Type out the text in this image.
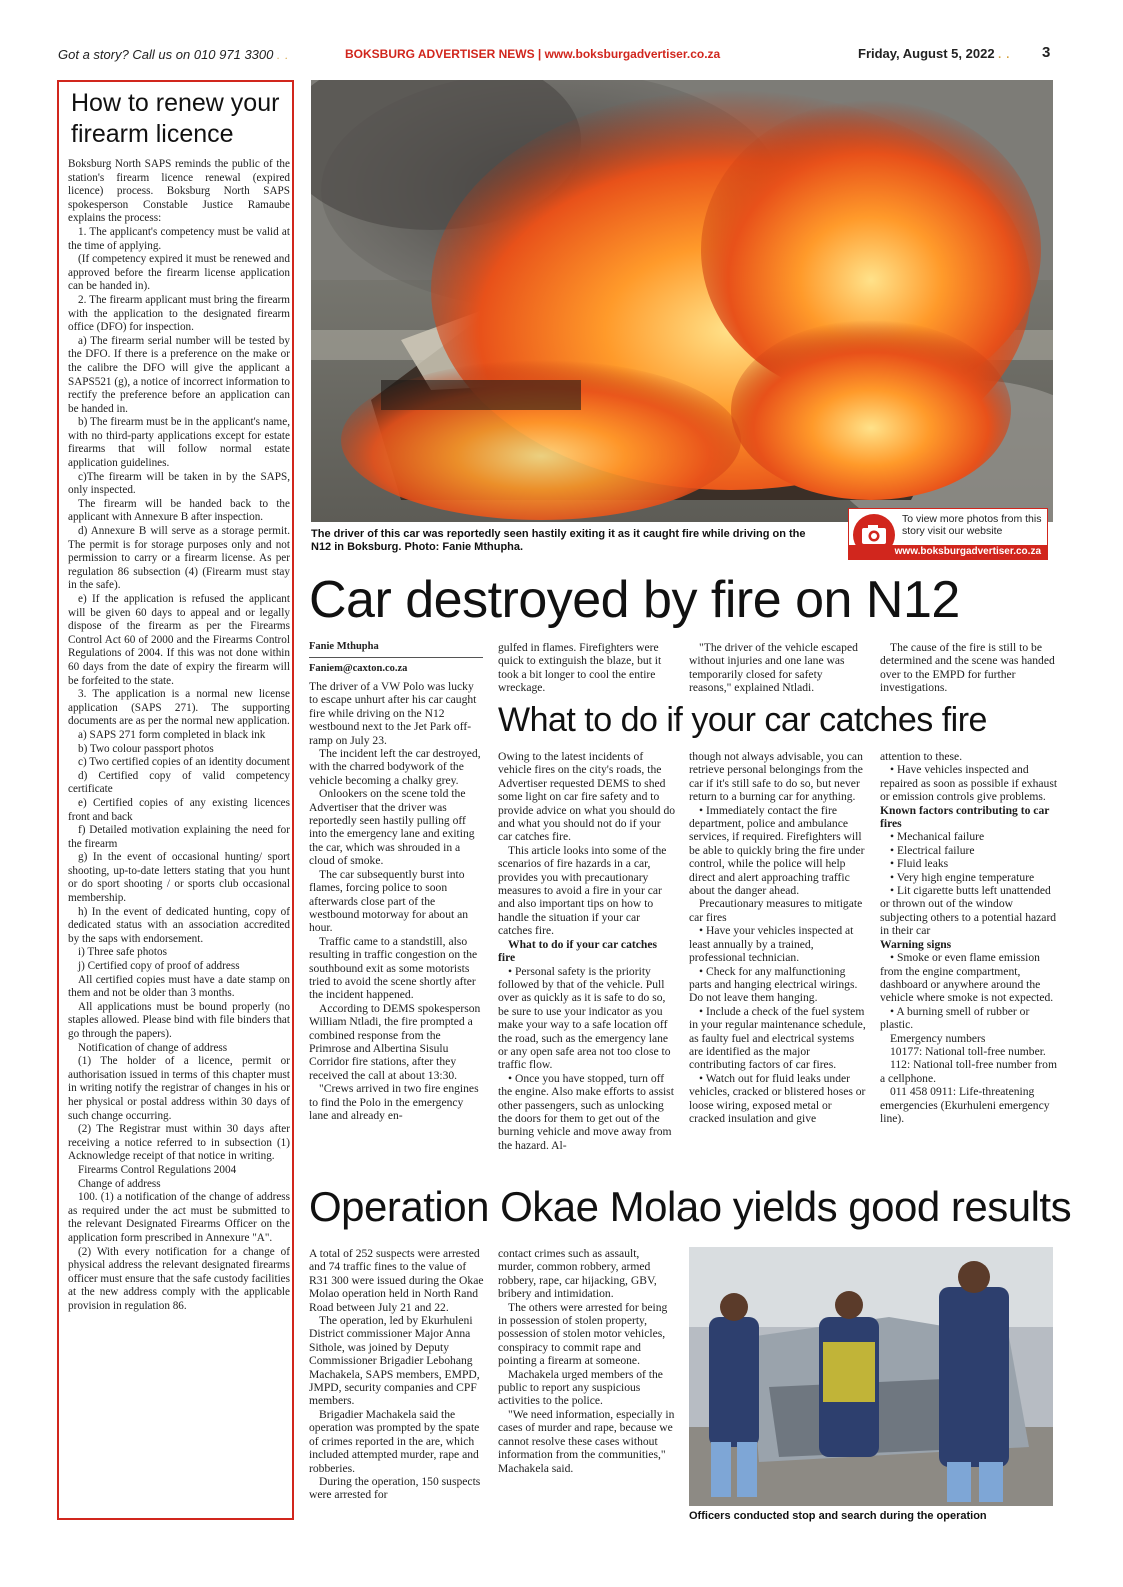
Got a story? Call us on 010 971 3300 . .	BOKSBURG ADVERTISER NEWS | www.boksburgadvertiser.co.za	Friday, August 5, 2022 . . 3
How to renew your firearm licence

Boksburg North SAPS reminds the public of the station's firearm licence renewal (expired licence) process. Boksburg North SAPS spokesperson Constable Justice Ramaube explains the process:

1. The applicant's competency must be valid at the time of applying.

(If competency expired it must be renewed and approved before the firearm license application can be handed in).

2. The firearm applicant must bring the firearm with the application to the designated firearm office (DFO) for inspection.

a) The firearm serial number will be tested by the DFO. If there is a preference on the make or the calibre the DFO will give the applicant a SAPS521 (g), a notice of incorrect information to rectify the preference before an application can be handed in.

b) The firearm must be in the applicant's name, with no third-party applications except for estate firearms that will follow normal estate application guidelines.

c)The firearm will be taken in by the SAPS, only inspected.

The firearm will be handed back to the applicant with Annexure B after inspection.

d) Annexure B will serve as a storage permit. The permit is for storage purposes only and not permission to carry or a firearm license. As per regulation 86 subsection (4) (Firearm must stay in the safe).

e) If the application is refused the applicant will be given 60 days to appeal and or legally dispose of the firearm as per the Firearms Control Act 60 of 2000 and the Firearms Control Regulations of 2004. If this was not done within 60 days from the date of expiry the firearm will be forfeited to the state.

3. The application is a normal new license application (SAPS 271). The supporting documents are as per the normal new application.

a) SAPS 271 form completed in black ink

b) Two colour passport photos

c) Two certified copies of an identity document

d) Certified copy of valid competency certificate

e) Certified copies of any existing licences front and back

f) Detailed motivation explaining the need for the firearm

g) In the event of occasional hunting/ sport shooting, up-to-date letters stating that you hunt or do sport shooting / or sports club occasional membership.

h) In the event of dedicated hunting, copy of dedicated status with an association accredited by the saps with endorsement.

i) Three safe photos

j) Certified copy of proof of address

All certified copies must have a date stamp on them and not be older than 3 months.

All applications must be bound properly (no staples allowed. Please bind with file binders that go through the papers).

Notification of change of address

(1) The holder of a licence, permit or authorisation issued in terms of this chapter must in writing notify the registrar of changes in his or her physical or postal address within 30 days of such change occurring.

(2) The Registrar must within 30 days after receiving a notice referred to in subsection (1) Acknowledge receipt of that notice in writing.

Firearms Control Regulations 2004

Change of address

100. (1) a notification of the change of address as required under the act must be submitted to the relevant Designated Firearms Officer on the application form prescribed in Annexure "A".

(2) With every notification for a change of physical address the relevant designated firearms officer must ensure that the safe custody facilities at the new address comply with the applicable provision in regulation 86.

The driver of this car was reportedly seen hastily exiting it as it caught fire while driving on the N12 in Boksburg. Photo: Fanie Mthupha.
To view more photos from this story visit our website
www.boksburgadvertiser.co.za
Car destroyed by fire on N12
Fanie Mthupha
Faniem@caxton.co.za

The driver of a VW Polo was lucky to escape unhurt after his car caught fire while driving on the N12 westbound next to the Jet Park off-ramp on July 23.

The incident left the car destroyed, with the charred bodywork of the vehicle becoming a chalky grey.

Onlookers on the scene told the Advertiser that the driver was reportedly seen hastily pulling off into the emergency lane and exiting the car, which was shrouded in a cloud of smoke.

The car subsequently burst into flames, forcing police to soon afterwards close part of the westbound motorway for about an hour.

Traffic came to a standstill, also resulting in traffic congestion on the southbound exit as some motorists tried to avoid the scene shortly after the incident happened.

According to DEMS spokesperson William Ntladi, the fire prompted a combined response from the Primrose and Albertina Sisulu Corridor fire stations, after they received the call at about 13:30.

"Crews arrived in two fire engines to find the Polo in the emergency lane and already en-

gulfed in flames. Firefighters were quick to extinguish the blaze, but it took a bit longer to cool the entire wreckage.

"The driver of the vehicle escaped without injuries and one lane was temporarily closed for safety reasons," explained Ntladi.

The cause of the fire is still to be determined and the scene was handed over to the EMPD for further investigations.

What to do if your car catches fire

Owing to the latest incidents of vehicle fires on the city's roads, the Advertiser requested DEMS to shed some light on car fire safety and to provide advice on what you should do and what you should not do if your car catches fire.

This article looks into some of the scenarios of fire hazards in a car, provides you with precautionary measures to avoid a fire in your car and also important tips on how to handle the situation if your car catches fire.

What to do if your car catches fire

• Personal safety is the priority followed by that of the vehicle. Pull over as quickly as it is safe to do so, be sure to use your indicator as you make your way to a safe location off the road, such as the emergency lane or any open safe area not too close to traffic flow.

• Once you have stopped, turn off the engine. Also make efforts to assist other passengers, such as unlocking the doors for them to get out of the burning vehicle and move away from the hazard. Al-

though not always advisable, you can retrieve personal belongings from the car if it's still safe to do so, but never return to a burning car for anything.

• Immediately contact the fire department, police and ambulance services, if required. Firefighters will be able to quickly bring the fire under control, while the police will help direct and alert approaching traffic about the danger ahead.

Precautionary measures to mitigate car fires

• Have your vehicles inspected at least annually by a trained, professional technician.

• Check for any malfunctioning parts and hanging electrical wirings. Do not leave them hanging.

• Include a check of the fuel system in your regular maintenance schedule, as faulty fuel and electrical systems are identified as the major contributing factors of car fires.

• Watch out for fluid leaks under vehicles, cracked or blistered hoses or loose wiring, exposed metal or cracked insulation and give

attention to these.

• Have vehicles inspected and repaired as soon as possible if exhaust or emission controls give problems.

Known factors contributing to car fires

• Mechanical failure

• Electrical failure

• Fluid leaks

• Very high engine temperature

• Lit cigarette butts left unattended or thrown out of the window subjecting others to a potential hazard in their car

Warning signs

• Smoke or even flame emission from the engine compartment, dashboard or anywhere around the vehicle where smoke is not expected.

• A burning smell of rubber or plastic.

Emergency numbers

10177: National toll-free number.

112: National toll-free number from a cellphone.

011 458 0911: Life-threatening emergencies (Ekurhuleni emergency line).

Operation Okae Molao yields good results

A total of 252 suspects were arrested and 74 traffic fines to the value of R31 300 were issued during the Okae Molao operation held in North Rand Road between July 21 and 22.

The operation, led by Ekurhuleni District commissioner Major Anna Sithole, was joined by Deputy Commissioner Brigadier Lebohang Machakela, SAPS members, EMPD, JMPD, security companies and CPF members.

Brigadier Machakela said the operation was prompted by the spate of crimes reported in the are, which included attempted murder, rape and robberies.

During the operation, 150 suspects were arrested for

contact crimes such as assault, murder, common robbery, armed robbery, rape, car hijacking, GBV, bribery and intimidation.

The others were arrested for being in possession of stolen property, possession of stolen motor vehicles, conspiracy to commit rape and pointing a firearm at someone.

Machakela urged members of the public to report any suspicious activities to the police.

"We need information, especially in cases of murder and rape, because we cannot resolve these cases without information from the communities," Machakela said.

Officers conducted stop and search during the operation
